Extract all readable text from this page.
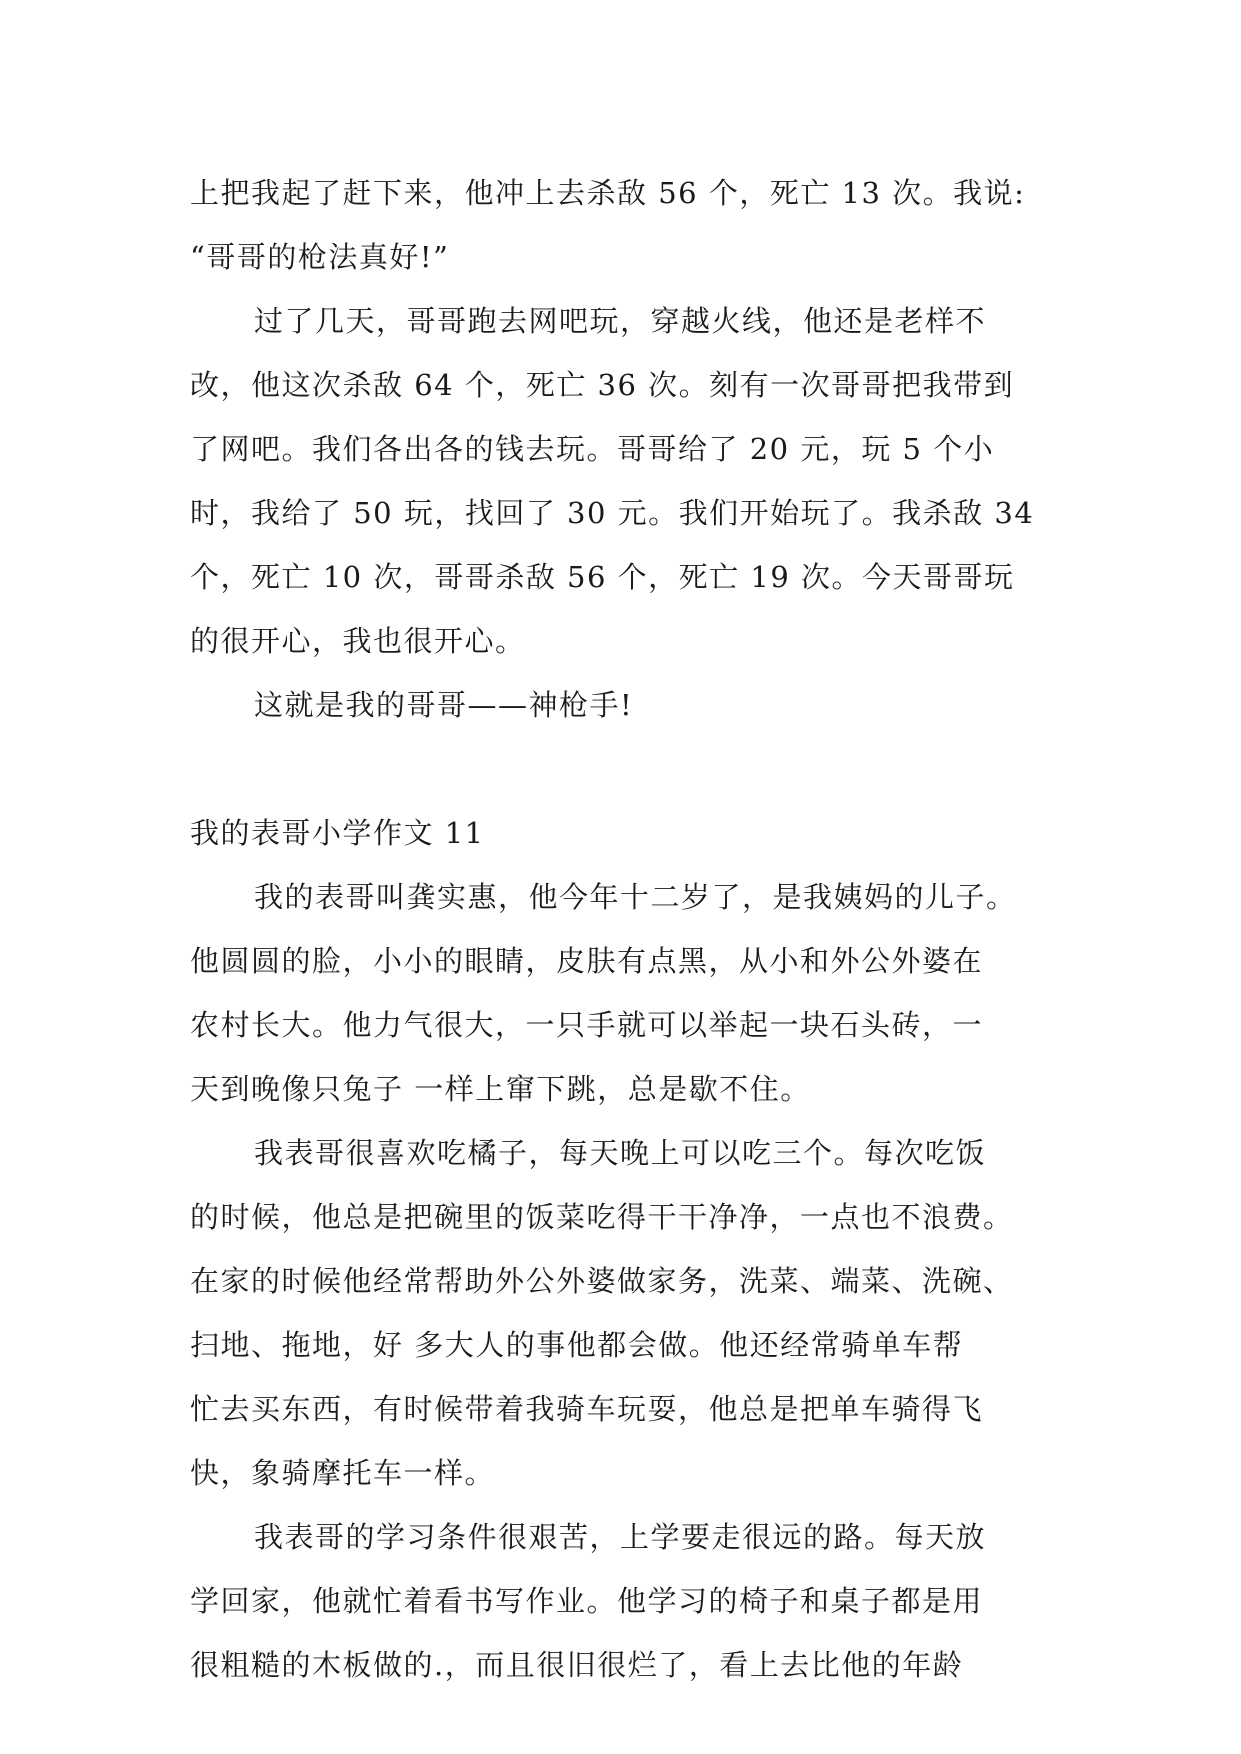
上把我起了赶下来，他冲上去杀敌 56 个，死亡 13 次。我说:
“哥哥的枪法真好!”
过了几天，哥哥跑去网吧玩，穿越火线，他还是老样不
改，他这次杀敌 64 个，死亡 36 次。刻有一次哥哥把我带到
了网吧。我们各出各的钱去玩。哥哥给了 20 元，玩 5 个小
时，我给了 50 玩，找回了 30 元。我们开始玩了。我杀敌 34
个，死亡 10 次，哥哥杀敌 56 个，死亡 19 次。今天哥哥玩
的很开心，我也很开心。
这就是我的哥哥——神枪手!
我的表哥小学作文 11
我的表哥叫龚实惠，他今年十二岁了，是我姨妈的儿子。
他圆圆的脸，小小的眼睛，皮肤有点黑，从小和外公外婆在
农村长大。他力气很大，一只手就可以举起一块石头砖，一
天到晚像只兔子 一样上窜下跳，总是歇不住。
我表哥很喜欢吃橘子，每天晚上可以吃三个。每次吃饭
的时候，他总是把碗里的饭菜吃得干干净净，一点也不浪费。
在家的时候他经常帮助外公外婆做家务，洗菜、端菜、洗碗、
扫地、拖地，好 多大人的事他都会做。他还经常骑单车帮
忙去买东西，有时候带着我骑车玩耍，他总是把单车骑得飞
快，象骑摩托车一样。
我表哥的学习条件很艰苦，上学要走很远的路。每天放
学回家，他就忙着看书写作业。他学习的椅子和桌子都是用
很粗糙的木板做的.，而且很旧很烂了，看上去比他的年龄
